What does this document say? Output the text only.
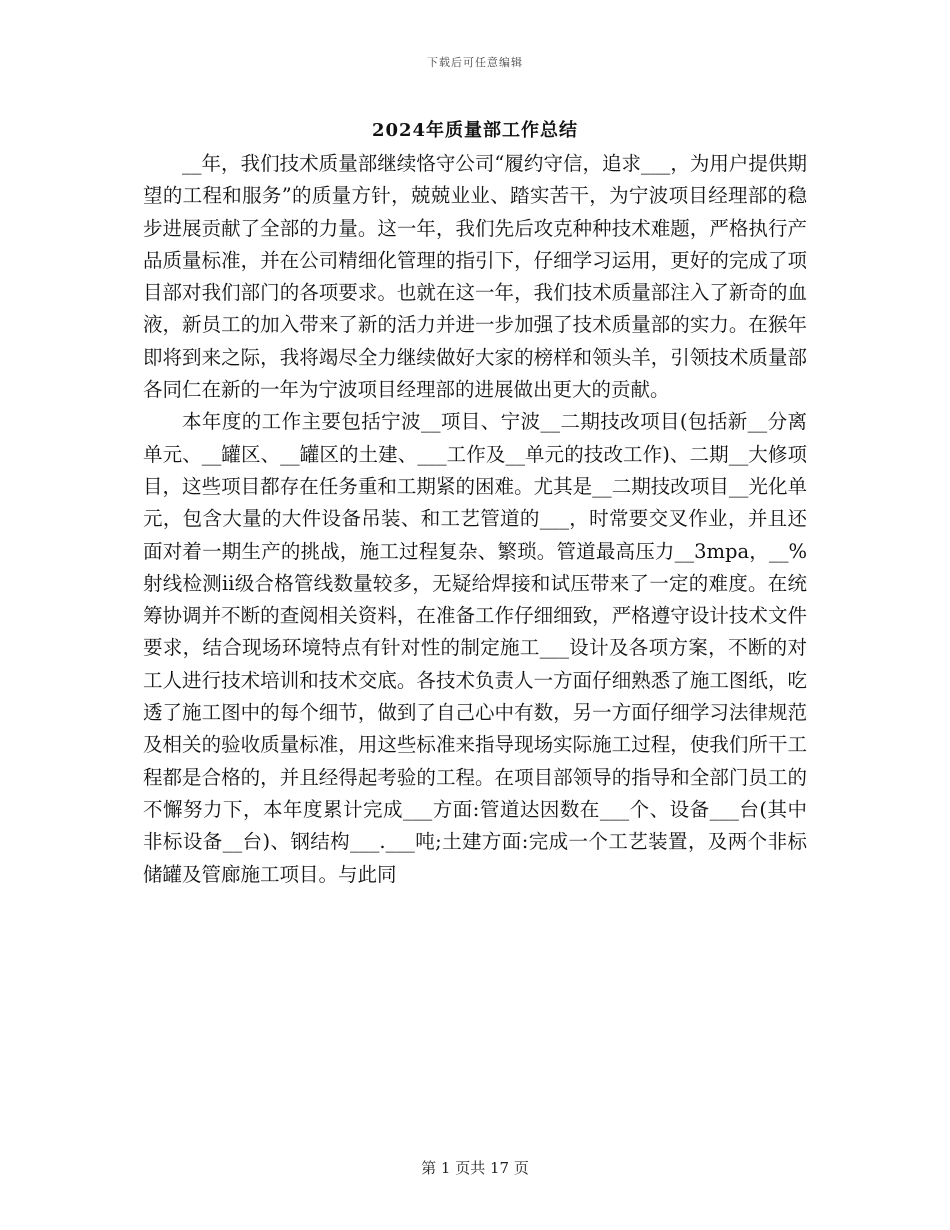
下载后可任意编辑
2024年质量部工作总结

__年，我们技术质量部继续恪守公司“履约守信，追求___，为用户提供期望的工程和服务”的质量方针，兢兢业业、踏实苦干，为宁波项目经理部的稳步进展贡献了全部的力量。这一年，我们先后攻克种种技术难题，严格执行产品质量标准，并在公司精细化管理的指引下，仔细学习运用，更好的完成了项目部对我们部门的各项要求。也就在这一年，我们技术质量部注入了新奇的血液，新员工的加入带来了新的活力并进一步加强了技术质量部的实力。在猴年即将到来之际，我将竭尽全力继续做好大家的榜样和领头羊，引领技术质量部各同仁在新的一年为宁波项目经理部的进展做出更大的贡献。

本年度的工作主要包括宁波__项目、宁波__二期技改项目(包括新__分离单元、__罐区、__罐区的土建、___工作及__单元的技改工作)、二期__大修项目，这些项目都存在任务重和工期紧的困难。尤其是__二期技改项目__光化单元，包含大量的大件设备吊装、和工艺管道的___，时常要交叉作业，并且还面对着一期生产的挑战，施工过程复杂、繁琐。管道最高压力__3mpa，__%射线检测ⅱ级合格管线数量较多，无疑给焊接和试压带来了一定的难度。在统筹协调并不断的查阅相关资料，在准备工作仔细细致，严格遵守设计技术文件要求，结合现场环境特点有针对性的制定施工___设计及各项方案，不断的对工人进行技术培训和技术交底。各技术负责人一方面仔细熟悉了施工图纸，吃透了施工图中的每个细节，做到了自己心中有数，另一方面仔细学习法律规范及相关的验收质量标准，用这些标准来指导现场实际施工过程，使我们所干工程都是合格的，并且经得起考验的工程。在项目部领导的指导和全部门员工的不懈努力下，本年度累计完成___方面:管道达因数在___个、设备___台(其中非标设备__台)、钢结构___.___吨;土建方面:完成一个工艺装置，及两个非标储罐及管廊施工项目。与此同

第 1 页共 17 页
